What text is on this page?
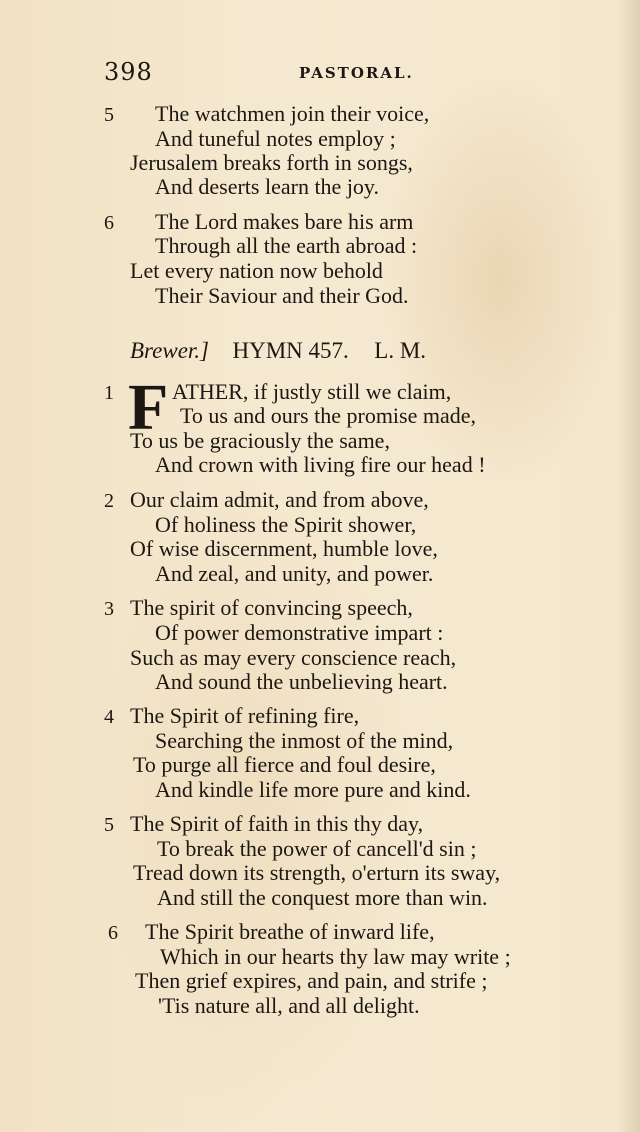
398	PASTORAL.
5 The watchmen join their voice,
And tuneful notes employ ;
Jerusalem breaks forth in songs,
And deserts learn the joy.
6 The Lord makes bare his arm
Through all the earth abroad :
Let every nation now behold
Their Saviour and their God.
Brewer.] HYMN 457. L. M.
1 F ATHER, if justly still we claim,
To us and ours the promise made,
To us be graciously the same,
And crown with living fire our head !
2 Our claim admit, and from above,
Of holiness the Spirit shower,
Of wise discernment, humble love,
And zeal, and unity, and power.
3 The spirit of convincing speech,
Of power demonstrative impart :
Such as may every conscience reach,
And sound the unbelieving heart.
4 The Spirit of refining fire,
Searching the inmost of the mind,
To purge all fierce and foul desire,
And kindle life more pure and kind.
5 The Spirit of faith in this thy day,
To break the power of cancell'd sin ;
Tread down its strength, o'erturn its sway,
And still the conquest more than win.
6 The Spirit breathe of inward life,
Which in our hearts thy law may write ;
Then grief expires, and pain, and strife ;
'Tis nature all, and all delight.
